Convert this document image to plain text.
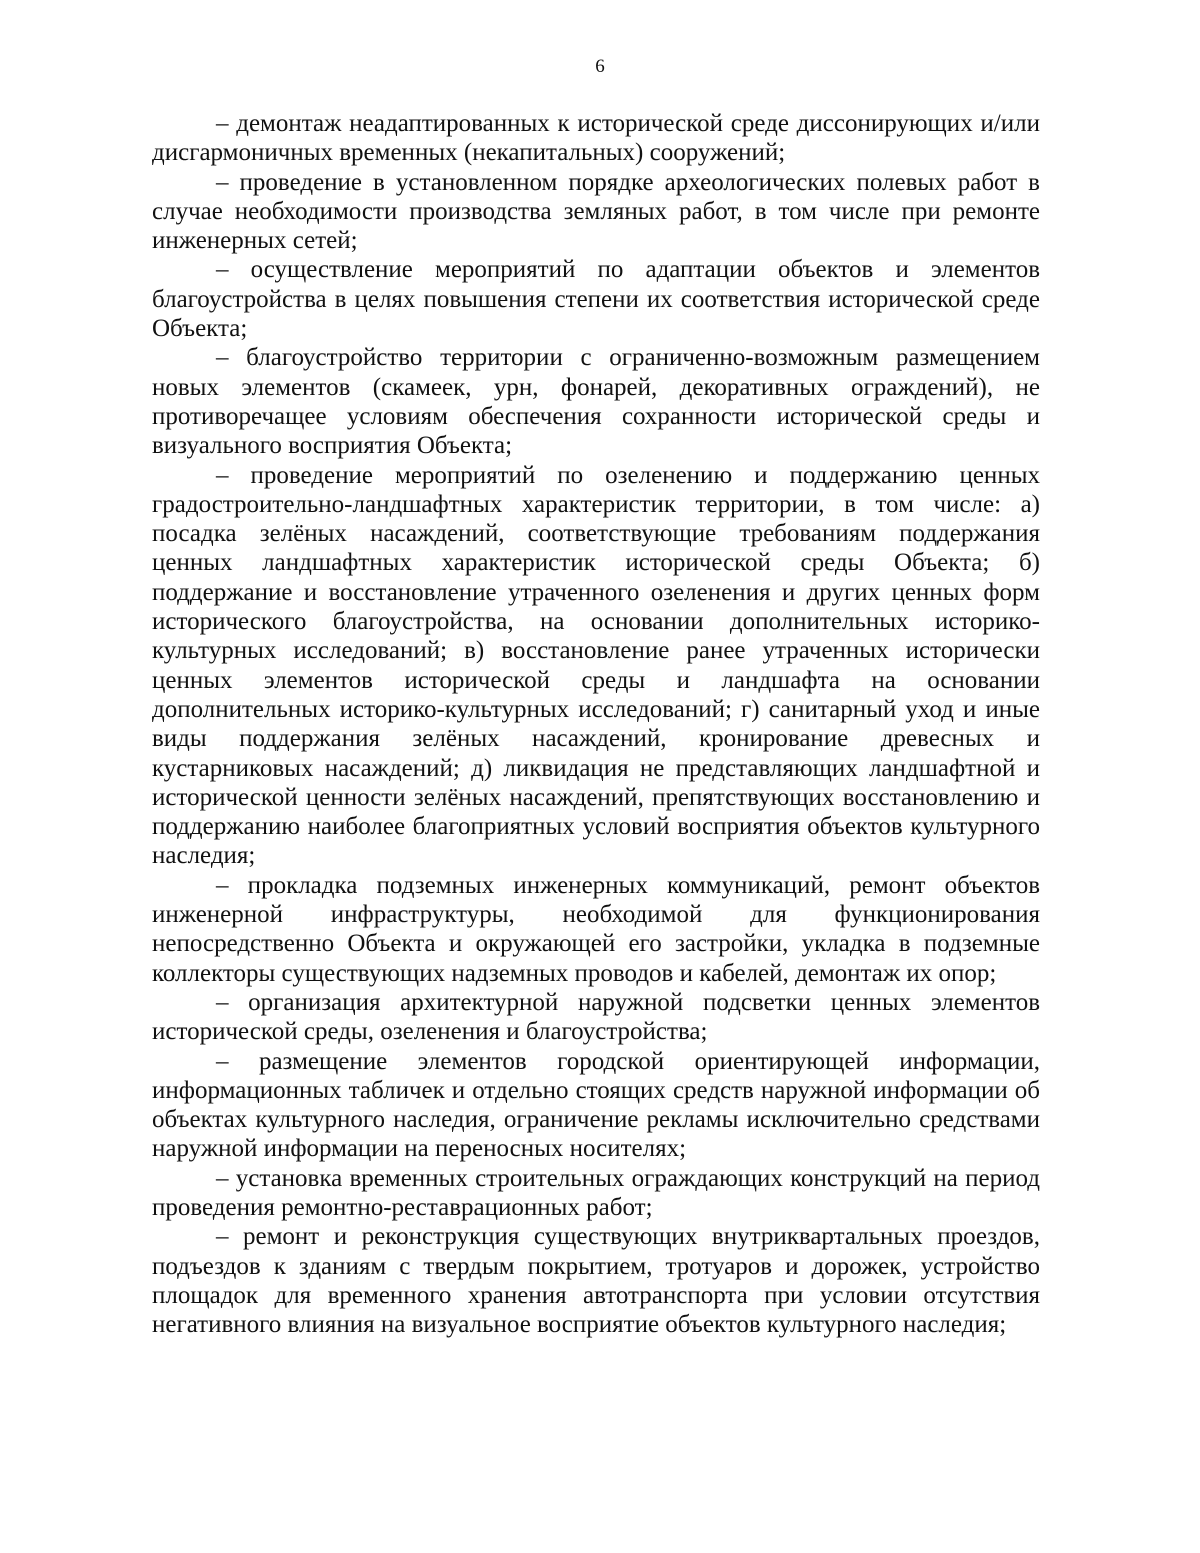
6

– демонтаж неадаптированных к исторической среде диссонирующих и/или дисгармоничных временных (некапитальных) сооружений;

– проведение в установленном порядке археологических полевых работ в случае необходимости производства земляных работ, в том числе при ремонте инженерных сетей;

– осуществление мероприятий по адаптации объектов и элементов благоустройства в целях повышения степени их соответствия исторической среде Объекта;

– благоустройство территории с ограниченно-возможным размещением новых элементов (скамеек, урн, фонарей, декоративных ограждений), не противоречащее условиям обеспечения сохранности исторической среды и визуального восприятия Объекта;

– проведение мероприятий по озеленению и поддержанию ценных градостроительно-ландшафтных характеристик территории, в том числе: а) посадка зелёных насаждений, соответствующие требованиям поддержания ценных ландшафтных характеристик исторической среды Объекта; б) поддержание и восстановление утраченного озеленения и других ценных форм исторического благоустройства, на основании дополнительных историко-культурных исследований; в) восстановление ранее утраченных исторически ценных элементов исторической среды и ландшафта на основании дополнительных историко-культурных исследований; г) санитарный уход и иные виды поддержания зелёных насаждений, кронирование древесных и кустарниковых насаждений; д) ликвидация не представляющих ландшафтной и исторической ценности зелёных насаждений, препятствующих восстановлению и поддержанию наиболее благоприятных условий восприятия объектов культурного наследия;

– прокладка подземных инженерных коммуникаций, ремонт объектов инженерной инфраструктуры, необходимой для функционирования непосредственно Объекта и окружающей его застройки, укладка в подземные коллекторы существующих надземных проводов и кабелей, демонтаж их опор;

– организация архитектурной наружной подсветки ценных элементов исторической среды, озеленения и благоустройства;

– размещение элементов городской ориентирующей информации, информационных табличек и отдельно стоящих средств наружной информации об объектах культурного наследия, ограничение рекламы исключительно средствами наружной информации на переносных носителях;

– установка временных строительных ограждающих конструкций на период проведения ремонтно-реставрационных работ;

– ремонт и реконструкция существующих внутриквартальных проездов, подъездов к зданиям с твердым покрытием, тротуаров и дорожек, устройство площадок для временного хранения автотранспорта при условии отсутствия негативного влияния на визуальное восприятие объектов культурного наследия;
